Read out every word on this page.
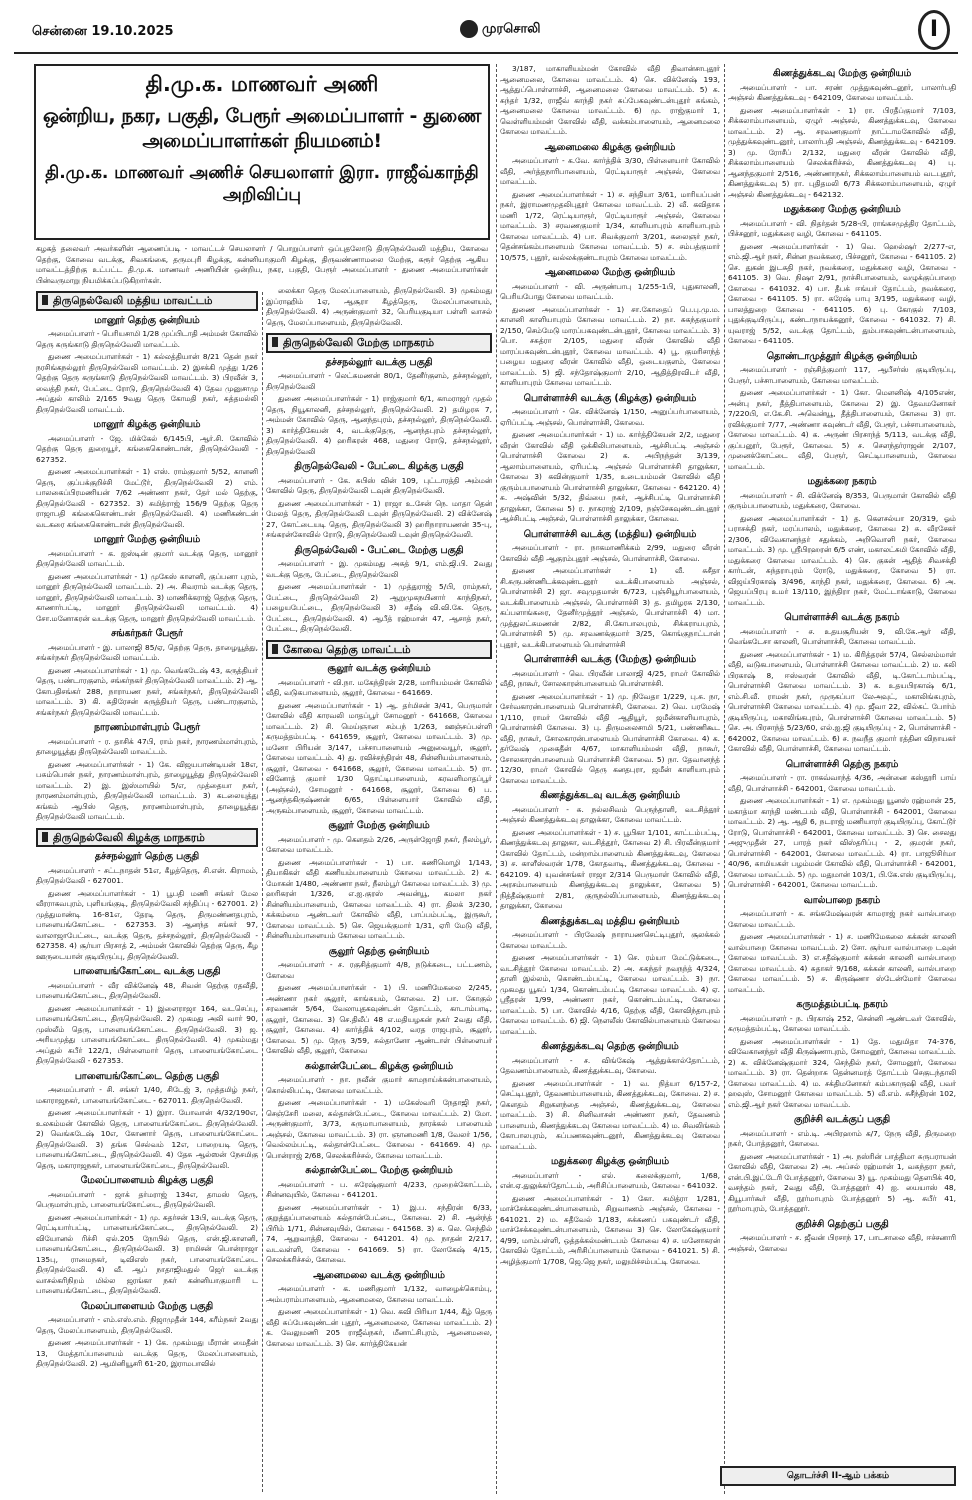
சென்னை 19.10.2025	முரசொலி	I
தி.மு.க. மாணவர் அணி
ஒன்றிய, நகர, பகுதி, பேரூர் அமைப்பாளர் - துணை அமைப்பாளர்கள் நியமனம்!
தி.மு.க. மாணவர் அணிச் செயலாளர் இரா. ராஜீவ்காந்தி அறிவிப்பு
கழகத் தலைவர் அவர்களின் ஆணைப்படி - மாவட்டச் செயலாளர் / பொறுப்பாளர் ஒப்புதலோடு திருநெல்வேலி மத்திய, கோவை தெற்கு, கோவை வடக்கு, சிவகங்கை, தருமபுரி கிழக்கு, கன்னியாகுமரி கிழக்கு, திருவண்ணாமலை மேற்கு, கரூர் தெற்கு ஆகிய மாவட்டத்திற்கு உட்பட்ட தி.மு.க. மாணவர் அணியின் ஒன்றிய, நகர, பகுதி, பேரூர் அமைப்பாளர் - துணை அமைப்பாளர்கள் பின்வருமாறு நியமிக்கப்படுகிறார்கள்.
திருநெல்வேலி மத்திய மாவட்டம்
மானூர் தெற்கு ஒன்றியம்

அமைப்பாளர் - பெரியசாமி 1/28 முப்பிடாதி அம்மன் கோவில் தெரு கருங்காடு திருநெல்வேலி மாவட்டம்.

துணை அமைப்பாளர்கள் - 1) கல்லத்தியான் 8/21 தென் நகர் நரசிங்கநல்லூர் திருநெல்வேலி மாவட்டம். 2) இசக்கி முத்து 1/26 தெற்கு தெரு கருங்காடு திருநெல்வேலி மாவட்டம். 3) பிரவீன் 3, வைத்தி நகர், பேட்டை ரோடு, திருநெல்வேலி 4) தேவ முனுசாமு அப்துல் காலிம் 2/165 9வது தெரு கோமதி நகர், சுத்தமல்லி திருநெல்வேலி மாவட்டம்.

மானூர் கிழக்கு ஒன்றியம்

அமைப்பாளர் - ஜே. மிக்கேல் 6/145பி, ஆர்.சி. கோவில் தெற்கு தெரு துறையூர், கங்கைகொண்டான், திருநெல்வேலி - 627352.

துணை அமைப்பாளர்கள் - 1) எஸ். ராம்குமார் 5/52, காளனி தெரு, குப்பக்குறிச்சி மேட்டூர், திருநெல்வேலி 2) எம். பாலகைப்பிரமணியன் 7/62 அண்ணா நகர், தேர் மல் தெற்கு, திருநெல்வேலி - 627352. 3) சுமித்ராஜ் 156/9 தெற்கு தெரு ராஜாபதி கங்கைகொண்டான் திருநெல்வேலி. 4) மணிகண்டன் வடகரை கங்கைகொண்டான் திருநெல்வேலி.

மானூர் மேற்கு ஒன்றியம்

அமைப்பாளர் - க. ஐஸ்டின் குமார் வடக்கு தெரு, மானூர் திருநெல்வேலி மாவட்டம்.

துணை அமைப்பாளர்கள் - 1) முகேஸ் காளனி, குப்பனா புரம், மானூர் திருநெல்வேலி மாவட்டம். 2) அ. சிவராம் வடக்கு தெரு, மானூர், திருநெல்வேலி மாவட்டம். 3) மாணிக்கராஜ் தெற்கு தெரு, காணார்பட்டி, மானூர் திருநெல்வேலி மாவட்டம். 4) சோ.மனோகரன் வடக்கு தெரு, மானூர் திருநெல்வேலி மாவட்டம்.

சங்கர்நகர் பேரூர்

அமைப்பாளர் - இ. பாலாஜி 85/ஏ, தெற்கு தெரு, தாழையூத்து, சங்கர்நகர் திருநெல்வேலி மாவட்டம்.

துணை அமைப்பாளர்கள் - 1) மு. வெங்கடேஷ் 43, கருத்தியர் தெரு, பண்டாரகுளம், சங்கர்நகர் திருநெல்வேலி மாவட்டம். 2) ஆ. கோபதிசங்கர் 288, நாராயண நகர், சங்கர்நகர், திருநெல்வேலி மாவட்டம். 3) கி. சுதிரேசன் கருத்தியர் தெரு, பண்டாரகுளம், சங்கர்நகர் திருநெல்வேலி மாவட்டம்.

நாரணம்மாள்புரம் பேரூர்

அமைப்பாளர் - ர. தாசிக் 47பி, ராம் நகர், நாரணம்மாள்புரம், தாழையூத்து திருநெல்வேலி மாவட்டம்.

துணை அமைப்பாளர்கள் - 1) கே. விஜயபாண்டியன் 18எ, பசும்பொன் நகர், நாரணம்மாள்புரம், தாழையூத்து திருநெல்வேலி மாவட்டம். 2) இ. இஸ்மாயில் 5/எ, முத்தையா நகர், நாரணம்மாள்புரம், திருநெல்வேலி மாவட்டம். 3) கடலையுத்து சுங்கம் ஆபிஸ் தெரு, நாரணம்மாள்புரம், தாழையூத்து திருநெல்வேலி மாவட்டம்.

திருநெல்வேலி கிழக்கு மாநகரம்
தச்சநல்லூர் தெற்கு பகுதி

அமைப்பாளர் - சட்டநாதன் 51எ, கீழத்தெரு, சி.என். கிராமம், திருநெல்வேலி - 627001.

துணை அமைப்பாளர்கள் - 1) பூபதி மணி சங்கர் மேல வீரராகவபுரம், புளியங்குடி, திருநெல்வேலி சந்திப்பு - 627001. 2) முத்துமாண்டி 16-81எ, தேரடி தெரு, திருமண்ணதபுரம், பாளையங்கோட்டை - 627353. 3) ஆனந்த சங்கர் 97, வாலாஜாபேட்டை, வடக்கு தெரு, தச்சநல்லூர், திருநெல்வேலி - 627358. 4) சூர்யா பிரசாத் 2, அம்மன் கோவில் தெற்கு தெரு, கீழ ஊருடையான் குடியிருப்பு, திருநெல்வேலி.

பாளையங்கோட்டை வடக்கு பகுதி

அமைப்பாளர் - வீர விக்னேஷ் 48, சிவன் தெற்கு ரதவீதி, பாளையங்கோட்டை, திருநெல்வேலி.

துணை அமைப்பாளர்கள் - 1) இளைராஜா 164, வடசெப்பு, பாளையங்கோட்டை, திருநெல்வேலி. 2) முகமது அலி வார் 90, முஸ்லீம் தெரு, பாளையங்கோட்டை திருநெல்வேலி. 3) ஜ. அரியமுத்து பாளையங்கோட்டை திருநெல்வேலி. 4) முகம்மது அப்துல் சுபீர் 122/1, பிள்ளைமார் தெரு, பாளையங்கோட்டை திருநெல்வேலி - 627353.

பாளையங்கோட்டை தெற்கு பகுதி

அமைப்பாளர் - சி. சங்கர் 1/40, சிடேஜ் 3, முத்தமிழ் நகர், மகாராஜநகர், பாளையங்கோட்டை - 627011. திருநெல்வேலி.

துணை அமைப்பாளர்கள் - 1) இரா. யோவான் 4/32/190எ, உலகம்மன் கோவில் தெரு, பாளையங்கோட்டை திருநெல்வேலி. 2) வெங்கடேஷ் 10எ, கோணார் தெரு, பாளையங்கோட்டை திருநெல்வேலி. 3) தங்க செல்வம் 12எ, பாறையடி தெரு, பாளையங்கோட்டை, திருநெல்வேலி. 4) தேசு ஆல்ஸன் நேசமிகு தெரு, மகாராஜநகர், பாளையங்கோட்டை, திருநெல்வேலி.

மேலப்பாளையம் கிழக்கு பகுதி

அமைப்பாளர் - ஜாக் தர்மராஜ் 134எ, தாமஸ் தெரு, பெருமாள்புரம், பாளையங்கோட்டை, திருநெல்வேலி.

துணை அமைப்பாளர்கள் - 1) மு. சுதர்சன் 13பி, வடக்கு தெரு, ரெட்டியார்பட்டி, பாளையங்கோட்டை, திருநெல்வேலி. 2) வியோனல் ரிச்சி ஏல்.205 நோபில் தெரு, என்.ஜி.காளனி, பாளையங்கோட்டை, திருநெல்வேலி. 3) ராமிசன் பொன்ராஜா 135பு, ராமைநகர், டிவிஎஸ் நகர், பாளையங்கோட்டை திருநெல்வேலி. 4) வீ. ஆப் நாதாஜிமதுல் ஜெர் வடக்கு வாசல்கரிநிறம் மில்ல ஜரங்கா நகர் கன்னியாகுமாரி ட பாளையங்கோட்டை, திருநெல்வேலி.

மேலப்பாளையம் மேற்கு பகுதி

அமைப்பாளர் - எம்.எஸ்.எம். நிஜாமுதீன் 144, கரீம்நகர் 2வது தெரு, மேலப்பாளையம், திருநெல்வேலி.

துணை அமைப்பாளர்கள் - 1) கே. முகம்மது மீரான் மைதீன் 13, மேத்தாப்பாளையம் வடக்கு தெரு, மேலப்பாளையம், திருநெல்வேலி. 2) ஆமினியூசரி 61-20, இராமபாவில்

லைக்கா தெரு மேலப்பாளையம், திருநெல்வேலி. 3) முகம்மது இப்ராஹிம் 1ஏ, ஆசூரா கீழத்தெரு, மேலப்பாளையம், திருநெல்வேலி. 4) அருண்குமார் 32, பெரியகுடியா பள்ளி வாசல் தெரு, மேலப்பாளையம், திருநெல்வேலி.

திருநெல்வேலி மேற்கு மாநகரம்
தச்சநல்லூர் வடக்கு பகுதி

அமைப்பாளர் - லெட்சுமணன் 80/1, தேனீர்குளம், தச்சநல்லூர், திருநெல்வேலி

துணை அமைப்பாளர்கள் - 1) ராஜ்குமார் 6/1, காமராஜர் முதல் தெரு, நியூகாலனி, தச்சநல்லூர், திருநெல்வேலி. 2) தமிழரசு 7, அம்மன் கோவில் தெரு, ஆனந்தபுரம், தச்சநல்லூர், திருநெல்வேலி. 3) கார்த்திகேயன் 4, வடக்குதெரு, ஆனந்தபுரம் தச்சநல்லூர், திருநெல்வேலி. 4) ஹரிகரன் 468, மதுரை ரோடு, தச்சநல்லூர், திருநெல்வேலி

திருநெல்வேலி - பேட்டை கிழக்கு பகுதி

அமைப்பாளர் - கே. சுபிஸ் வின் 109, புட்டாரத்தி அம்மன் கோவில் தெரு, திருநெல்வேலி டவுன் திருநெல்வேலி.

துணை அமைப்பாளர்கள் - 1) ராஜா உ.சேன் நெ. மாதா தென் மேலத் தெரு, திருநெல்வேலி டவுன் திருநெல்வேலி. 2) விக்னேஷ் 27, கோட்டையடி தெரு, திருநெல்வேலி 3) ஹரிநாராயணன் 35-பு, சங்கரன்கோவில் ரோடு, திருநெல்வேலி டவுன் திருநெல்வேலி.

திருநெல்வேலி - பேட்டை மேற்கு பகுதி

அமைப்பாளர் - இ. முகம்மது அசுத் 9/1, எம்.ஜி.பி. 2வது வடக்கு தெரு, பேட்டை, திருநெல்வேலி

துணை அமைப்பாளர்கள் - 1) முத்துராஜ் 5/பி, ராம்நகர், பேட்டை, திருநெல்வேலி 2) ஆறுமுகநயினார் காந்திநகர், பழையபேட்டை, திருநெல்வேலி 3) சதீஷ் வி.வி.கே. தெரு, பேட்டை, திருநெல்வேலி. 4) ஆபீத் ரஹ்மான் 47, ஆசாத் நகர், பேட்டை, திருநெல்வேலி.

கோவை தெற்கு மாவட்டம்
சூலூர் வடக்கு ஒன்றியம்

அமைப்பாளர் - வி.நா. மகேந்திரன் 2/28, மாரியம்மன் கோவில் வீதி, வடுகபாளையம், சூலூர், கோவை - 641669.

துணை அமைப்பாளர்கள் - 1) ஆ. தர்மிசன் 3/41, பெருமாள் கோவில் வீதி காரவலி மாதப்பூர் சோமனூர் - 641668, கோவை மாவட்டம். 2) சி. மெய்ஞான சம்பந் 1/263, ஊஞ்சப்பள்ளி கருமத்தம்பட்டி - 641659, சூலூர், கோவை மாவட்டம். 3) மு. மனோ பிரியன் 3/147, பச்சாபாளையம் அனுவையூர், சூலூர், கோவை மாவட்டம். 4) து. ரவிச்சந்திரன் 48, சின்னியம்பாளையம், சூலூர், கோவை - 641668, சூலூர், கோவை மாவட்டம். 5) ரா. வினோத் குமார் 1/30 தொட்டிபாளையம், கரவளிமாதப்பூர் (அஞ்சல்), சோமனூர் - 641668, சூலூர், கோவை 6) ப. ஆனந்தகிருஷ்ணன் 6/65, பிள்ளையார் கோவில் வீதி, அருகம்பாளையம், சூலூர், கோவை மாவட்டம்.

சூலூர் மேற்கு ஒன்றியம்

அமைப்பாளர் - மு. கௌதம் 2/26, அருள்ஜோதி நகர், நீலம்பூர், கோவை மாவட்டம்.

துணை அமைப்பாளர்கள் - 1) பா. கணிமொழி 1/143, தியாகிகள் வீதி கணியம்பாளையம் கோவை மாவட்டம். 2) க. மோகன் 1/480, அண்ணா நகர், நீலம்பூர் கோவை மாவட்டம். 3) மு. ஹரிகரன் 1/326, எ.ஐ.குரஸ் அவன்யூ, கமலா நகர் சின்னியம்பாளையம், கோவை மாவட்டம். 4) ரா. திலக் 3/230, கக்கம்மை ஆண்டவர் கோவில் வீதி, பாப்பம்பட்டி, இருகூர், கோவை மாவட்டம். 5) செ. ஜெயக்குமார் 1/31, ஏரி மேடு வீதி, சின்னியம்பாளையம் கோவை மாவட்டம்.

சூலூர் தெற்கு ஒன்றியம்

அமைப்பாளர் - ச. ரகுசித்குமார் 4/8, நடுக்கடை, பட்டணம், கோவை

துணை அமைப்பாளர்கள் - 1) பி. மணிமேகலை 2/245, அண்ணா நகர் சூலூர், காங்கயம், கோவை. 2) பா. கோகுல் சரவணன் 5/64, வேலாயுதகவுண்டன் தோட்டம், காடாம்பாடி, சூலூர், கோவை. 3) செ.திலீப் 48 எ.மதியழகன் நகர் 2வது வீதி, சூலூர், கோவை. 4) கார்த்திக் 4/102, வரத ராஜபுரம், சூலூர், கோவை. 5) மு. நேரு 3/59, சுல்தானோ ஆண்டாள் பிள்ளையர் கோவில் வீதி, சூலூர், கோவை

சுல்தான்பேட்டை கிழக்கு ஒன்றியம்

அமைப்பாளர் - நா. நவீன் குமார் காமநாய்க்கன்பாளையம், கொல்லிபட்டி, கோவை மாவட்டம்.

துணை அமைப்பாளர்கள் - 1) மகேஸ்வரி நேதாஜி நகர், செஞ்சேரி மலை, சுல்தான்பேட்டை, கோவை மாவட்டம். 2) மோ. அருண்குமார், 3/73, கருமாபாளையம், நாரக்கல் பாளையம் அஞ்சல், கோவை மாவட்டம். 3) ரா. ஞானமணி 1/8, வேலர் 1/56, வெல்லம்பட்டி, சுல்தான்பேட்டை கோவை - 641669. 4) மு. பொன்ராஜ் 2/68, செலக்கரிச்சல், கோவை மாவட்டம்.

சுல்தான்பேட்டை மேற்கு ஒன்றியம்

அமைப்பாளர் - ப. சுரேஷ்குமார் 4/233, முறைக்கோட்டம், சின்னவுயில், கோவை - 641201.

துணை அமைப்பாளர்கள் - 1) இ.ப. சந்திரன் 6/33, குறுத்துப்பாளையம் சுல்தான்பேட்டை, கோவை. 2) சி. ஆன்ந்த் பிரிம் 1/71, சின்னவுயில், கோவை - 641568. 3) சு. லெ. செந்தில் 74, ஆறுவாத்தி, கோவை - 641201. 4) மு. நாதன் 2/217, வடவள்ளி, கோவை - 641669. 5) ரா. லோகேஷ் 4/15, செலக்கரிச்சல், கோவை.

ஆனைமலை வடக்கு ஒன்றியம்

அமைப்பாளர் - க. மணிகுமார் 1/132, வாழைக்கொம்பு, அம்பராம்பாளையம், ஆனைமலை, கோவை மாவட்டம்.

துணை அமைப்பாளர்கள் - 1) வெ. கவி பிரியா 1/44, கீழ் தெரு வீதி சுப்பேகவுண்டன் புதூர், ஆனைமலை, கோவை மாவட்டம். 2) க. வேலுமணி 205 ராஜீவ்நகர், மீனாட்சிபுரம், ஆனைமலை, கோவை மாவட்டம். 3) செ. கார்த்திகேயன்

3/187, மாகாளியம்மன் கோவில் வீதி திவான்சாபுதூர் ஆனைமலை, கோவை மாவட்டம். 4) செ. விக்னேஷ் 193, ஆத்துப்பொள்ளாச்சி, ஆனைமலை கோவை மாவட்டம். 5) சு. சுந்தர் 1/32, ராஜீவ் காந்தி நகர் சுப்பேகவுண்டன்புதூர் சுங்கம், ஆனைமலை கோவை மாவட்டம். 6) மு. ராஜ்குமார் 1, வெள்ளியம்மன் கோவில் வீதி, வக்கம்பாளையம், ஆனைமலை கோவை மாவட்டம்.

ஆனைமலை கிழக்கு ஒன்றியம்

அமைப்பாளர் - க.வே. கார்த்திக் 3/30, பிள்ளையார் கோவில் வீதி, அர்த்தநாரிபாளையம், ரெட்டியாரூர் அஞ்சல், கோவை மாவட்டம்.

துணை அமைப்பாளர்கள் - 1) ச. சந்தியா 3/61, மாரியப்பன் நகர், இராமணமுதலிபுதூர் கோவை மாவட்டம். 2) வீ. கவிதாசு மணி 1/72, ரெட்டியாரூர், ரெட்டியாரூர் அஞ்சல், கோவை மாவட்டம். 3) சரவணகுமார் 1/34, காளியாபுரம் காளியாபுரம் கோவை மாவட்டம். 4) பா. சிவக்குமார் 3/201, கலைஞர் நகர், தென்சங்கம்பாளையம் கோவை மாவட்டம். 5) ச. சம்பத்குமார் 10/575, புதூர், வல்லக்குண்டாபுரம் கோவை மாவட்டம்.

ஆனைமலை மேற்கு ஒன்றியம்

அமைப்பாளர் - வி. அருண்பாபு 1/255-1பி, புதுகாலனி, பெரியபோது கோவை மாவட்டம்.

துணை அமைப்பாளர்கள் - 1) சா.கோதைப் பெ.பு.மு.ம. காளனி காளியாபுரம் கோவை மாவட்டம். 2) நா. சுகந்தகுமார் 2/150, செம்மேடு மாரப்பகவுண்டன்புதூர், கோவை மாவட்டம். 3) பொ. சசுத்ரா 2/105, மதுரை வீரன் கோவில் வீதி மாரப்பகவுண்டன்புதூர், கோவை மாவட்டம். 4) பூ. குமரிசாந்த் பழைய மதுரை வீரன் கோவில் வீதி, ஒடையகுளம், கோவை மாவட்டம். 5) ஜி. சந்தோஷ்குமார் 2/10, ஆதித்திரவிடர் வீதி, காளியாபுரம் கோவை மாவட்டம்.

பொள்ளாச்சி வடக்கு (கிழக்கு) ஒன்றியம்

அமைப்பாளர் - செ. விக்னேஷ் 1/150, அனுப்பர்பாளையம், ஏரிப்பட்டி அஞ்சல், பொள்ளாச்சி, கோவை.

துணை அமைப்பாளர்கள் - 1) ம. கார்த்திகேயன் 2/2, மதுரை வீரன் கோவில் வீதி ஒக்கிலிபாளையம், ஆச்சிபட்டி அஞ்சல் பொள்ளாச்சி கோவை 2) க. அபிநந்தன் 3/139, ஆலாம்பாளையம், ஏரிபட்டி அஞ்சல் பொள்ளாச்சி தாலுக்கா, கோவை 3) கவின்குமார் 1/35, உடையம்மன் கோவில் வீதி குரும்பபாளையம் பொள்ளாச்சி தாலுக்கா, கோவை - 642120. 4) சு. அஷ்வின் 5/32, திவ்யை நகர், ஆச்சிபட்டி பொள்ளாச்சி தாலுக்கா, கோவை 5) ர. நாகராஜ் 2/109, நஞ்சேகவுண்டன்புதூர் ஆச்சிபட்டி அஞ்சல், பொள்ளாச்சி தாலுக்கா, கோவை.

பொள்ளாச்சி வடக்கு (மத்திய) ஒன்றியம்

அமைப்பாளர் - ரா. நாகமாணிக்கம் 2/99, மதுரை வீரன் கோவில் வீதி ஆகுரம்புதூர் அஞ்சல், பொள்ளாச்சி, கோவை.

துணை அமைப்பாளர்கள் - 1) வீ. சுசீதா சி.சுருபண்ணிடக்கவுண்டனூர் வடக்கிபாளையம் அஞ்சல், பொள்ளாச்சி 2) ஜா. சவுமுதமான் 6/723, புஞ்சியூர்பாளையம், வடக்கிபாளையம் அஞ்சல், பொள்ளாச்சி 3) த. தமிழரசு 2/130, கப்பளாங்கரை, தேனீர்முத்தூர் அஞ்சல், பொள்ளாச்சி 4) மா. முத்துலட்சுமணன் 2/82, சி.கோபாலபுரம், சிக்கராயபுரம், பொள்ளாச்சி 5) மு. சரவணக்குமார் 3/25, கொங்குநாட்டான் புதூர், வடக்கிபாளையம் பொள்ளாச்சி

பொள்ளாச்சி வடக்கு (மேற்கு) ஒன்றியம்

அமைப்பாளர் - வெ. பிரவீன் பாலாஜி 4/25, ராமர் கோவில் வீதி, நாகூர், சோலகாரன்பாளையம் பொள்ளாச்சி.

துணை அமைப்பாளர்கள் - 1) மு. நிவேதா 1/229, பு.சு. நா, சேர்வகாரன்பாளையம் பொள்ளாச்சி, கோவை. 2) வெ. பரமேஷ் 1/110, ராமர் கோவில் வீதி ஆதியூர், ஜமீன்காளியாபுரம், பொள்ளாச்சி கோவை. 3) பு. திருமலைசாமி 5/21, பண்ணிகூட வீதி, நாகூர், சோலகாரன்பாளையம் பொள்ளாச்சி கோவை. 4) க. தர்வேஷ் முகைதீன் 4/67, மாகாளியம்மன் வீதி, நாகூர், சோலகாரன்பாளையம் பொள்ளாச்சி கோவை. 5) நா. தேவானந்த் 12/30, ராமர் கோவில் தெரு கனதபுரா, ஜமீன் காளியாபுரம் கோவை மாவட்டம்.

கிணத்துக்கடவு வடக்கு ஒன்றியம்

அமைப்பாளர் - சு. நல்லசிவம் பெருந்தாளி, வடசித்தூர் அஞ்சல் கிணத்துக்கடவு தாலுக்கா, கோவை மாவட்டம்.

துணை அமைப்பாளர்கள் - 1) ச. பூபிகா 1/101, காட்டம்பட்டி, கிணத்துக்கடவு தாலுகா, வடசித்தூர், கோவை 2) சி. பிரவீன்குமார் கோவில் தோட்டம், மன்றாம்பாளையம் கிணத்துக்கடவு, கோவை 3) ச. காளீஸ்வரன் 1/78, கோதவாடி, கிணத்துக்கடவு, கோவை - 642109. 4) யுவன்சங்கர் ராஜா 2/314 பெருமாள் கோவில் வீதி, அரசம்பாளையம் கிணத்துக்கடவு தாலுக்கா, கோவை 5) நித்தீஷ்குமார் 2/81, குருநல்லிப்பாளையம், கிணத்துக்கடவு தாலுக்கா, கோவை

கிணத்துக்கடவு மத்திய ஒன்றியம்

அமைப்பாளர் - பிரவேஷ் நாராயணசெட்டிபுதூர், சூலக்கல் கோவை மாவட்டம்.

துணை அமைப்பாளர்கள் - 1) செ. ரம்யா மேட்டுக்கடை, வடசித்தூர் கோவை மாவட்டம். 2) அ. சுகந்தர் நவநந்த் 4/324, தாளி இல்லம், கொண்டம்பட்டி, கோவை மாவட்டம். 3) நா. முகமது யூசுப் 1/34, கொண்டம்பட்டி கோவை மாவட்டம். 4) ஏ. ஸ்ரீதரன் 1/99, அண்ணா நகர், கொண்டம்பட்டி, கோவை மாவட்டம். 5) பா. கோவில் 4/16, தெற்கு வீதி, கோவிந்தாபுரம் கோவை மாவட்டம். 6) ஜி. நெளலீஸ் கோவில்பாளையம் கோவை மாவட்டம்.

கிணத்துக்கடவு தெற்கு ஒன்றியம்

அமைப்பாளர் - ச. விங்கேஷ் ஆத்துக்கால்தோட்டம், தேவணம்பாளையம், கிணத்துக்கடவு, கோவை.

துணை அமைப்பாளர்கள் - 1) வ. நித்யா 6/157-2, செட்டிபுதூர், தேவணம்பாளையம், கிணத்துக்கடவு, கோவை. 2) ச. கெளதம் சிறுகளந்தை அஞ்சல், கிணத்துக்கடவு, கோவை மாவட்டம். 3) சி. சினிவாசன் அண்ணா நகர், தேவணம் பாளையம், கிணத்துக்கடவு கோவை மாவட்டம். 4) ம. சிவலிங்கம் கோபாலபுரம், சுப்பணகவுண்டனூர், கிணத்துக்கடவு கோவை மாவட்டம்.

மதுக்கரை கிழக்கு ஒன்றியம்

அமைப்பாளர் - எல். கலைக்குமார், 1/68, என்.ஏ.துலுக்கர்தோட்டம், அரிசிப்பாளையம், கோவை - 641032.

துணை அமைப்பாளர்கள் - 1) கோ. சுமித்ரா 1/281, மாச்சேக்கவுண்டன்பாளையம், சிறுவாணம் அஞ்சல், கோவை - 641021. 2) ம. சுதீவேல் 1/183, சுக்கணப் பகவுண்டர் வீதி, மாச்சேக்கவுண்டன்பாளையம், கோவை 3) செ. லோகேஷ்குமார் 4/99, மாம்பள்ளி, ஒத்தக்கல்மண்டபம் கோவை 4) ச. மனோகரன் கோவில் தோட்டம், அரிசிப்பாளையம் கோவை - 641021. 5) சி. அழித்குமார் 1/708, ஜெ.ஜெ நகர், மலுமிச்சம்பட்டி கோவை.

கிணத்துக்கடவு மேற்கு ஒன்றியம்

அமைப்பாளர் - பா. சரண் முத்துகவுண்டனூர், பாலார்பதி அஞ்சல் கிணத்துக்கடவு - 642109, கோவை மாவட்டம்.

துணை அமைப்பாளர்கள் - 1) ரா. பிரதீப்குமார் 7/103, சிக்கலாம்பாளையம், ஏழுர் அஞ்சல், கிணத்துக்கடவு, கோவை மாவட்டம். 2) ஆ. சரவணகுமார் நாட்டாமகோவில் வீதி, முத்துக்கவுண்டனூர், பாலார்பதி அஞ்சல், கிணத்துக்கடவு - 642109. 3) மு. ரோசீப் 2/132, மதுரை வீரன் கோவில் வீதி, சிக்கலாம்பாளையம் செலக்கரிச்சல், கிணத்துக்கடவு 4) பு. ஆனந்தகுமார் 2/516, அண்ணாநகர், சிக்கலாம்பாளையம் வடபுதூர், கிணத்துக்கடவு 5) ரா. புதிதமலி 6/73 சிக்கலாம்பாளையம், ஏழுர் அஞ்சல் கிணத்துக்கடவு - 642132.

மதுக்கரை மேற்கு ஒன்றியம்

அமைப்பாளர் - வி. நிதர்தன் 5/28-பி, ராங்கசமுத்திர தோட்டம், பிச்சனூர், மதுக்கரை வழி, கோவை - 641105.

துணை அமைப்பாளர்கள் - 1) வெ. ஹெல்ஷர் 2/277-எ, எம்.ஜி.ஆர் நகர், சின்ன நவக்கரை, பிச்சனூர், கோவை - 641105. 2) செ. துகன் இடசுதி நகர், நவக்கரை, மதுக்கரை வழி, கோவை - 641105. 3) வெ. நிஷா 2/91, நாச்சிபாளையம், வழுக்குப்பாறை கோவை - 641032. 4) பா. தீபக் ஈங்யர் தோட்டம், நவக்கரை, கோவை - 641105. 5) ரா. சுரேஷ் பாபு 3/195, மதுக்கரை வழி, பாலத்துறை கோவை - 641105. 6) பு. கோகுல் 7/103, புதுக்குடியிருப்பு, கண்டாநாயக்கனூர், கோவை - 641032. 7) சி. யுவராஜ் 5/52, வடக்கு தோட்டம், தும்பாகவுண்டன்பாளையம், கோவை - 641105.

தொண்டாமுத்தூர் கிழக்கு ஒன்றியம்

அமைப்பாளர் - ரஞ்சித்குமார் 117, ஆபீசர்ஸ் குடியிருப்பு, பேரூர், பச்சாபாளையம், கோவை மாவட்டம்.

துணை அமைப்பாளர்கள் - 1) கோ. மௌனிஷ் 4/105எண், அன்பு நகர், தீத்திபாளையம், கோவை 2) இ. தேவமனோகர் 7/220பி, எ.கே.சி. அவென்யூ, தீத்திபாளையம், கோவை 3) ரா. ரவிக்குமார் 7/77, அண்ணா சுவுண்டர் வீதி, பேரூர், பச்சாபாளையம், கோவை மாவட்டம். 4) க. அருண் பிரசாந்த் 5/113, வடக்கு வீதி, குப்பனூர், பேரூர், கோவை. 5) ச. சௌந்தர்ராஜன் 2/107, முனைக்கோட்டை வீதி, பேரூர், செட்டிபாளையம், கோவை மாவட்டம்.

மதுக்கரை நகரம்

அமைப்பாளர் - சி. விக்னேஷ் 8/353, பெருமாள் கோவில் வீதி குரும்பபாளையம், மதுக்கரை, கோவை.

துணை அமைப்பாளர்கள் - 1) த. கௌசல்யா 20/319, ஓம் பராசக்தி நகர், மரப்பாலம், மதுக்கரை, கோவை 2) சு. வீரசேகர் 2/306, விவேகானந்தர் சதுக்கம், அறிவொளி நகர், கோவை மாவட்டம். 3) மு. ஸ்ரீபிரஹரன் 6/5 எண், மகாலட்சுமி கோவில் வீதி, மதுக்கரை கோவை மாவட்டம். 4) செ. குகன் ஆதித் சிவசக்தி கார்டன், சுந்தராபுரம் ரோடு, மதுக்கரை, கோவை 5) ரா. விஜய்பிரகாஷ் 3/496, காந்தி நகர், மதுக்கரை, கோவை. 6) அ. ஜெயப்பிரபு உமர் 13/110, இந்திரா நகர், மேட்டாங்காடு, கோவை மாவட்டம்.

பொள்ளாச்சி வடக்கு நகரம்

அமைப்பாளர் - ச. உதயசூரியன் 9, வி.கே.ஆர் வீதி, வெங்கடேசா காலனி, பொள்ளாச்சி, கோவை மாவட்டம்.

துணை அமைப்பாளர்கள் - 1) ம. கிரித்தரன் 57/4, செல்லம்மாள் வீதி, வடுகபாளையம், பொள்ளாச்சி கோவை மாவட்டம். 2) ம. கலி பிரகாஷ் 8, ஈஸ்வரன் கோவில் வீதி, டி.கோட்டாம்பட்டி, பொள்ளாச்சி கோவை மாவட்டம். 3) க. உதயபிரகாஷ் 6/1, எம்.சி.வீ. ராமன் நகர், முருகப்பா லேஅவுட், மகாலிங்கபுரம், பொள்ளாச்சி கோவை மாவட்டம். 4) மு. ஜீவா 22, வில்சுட் போர்ம் குடியிருப்பு, மகாலிங்கபுரம், பொள்ளாச்சி கோவை மாவட்டம். 5) செ. அ. பிரசாந்த் 5/23/60, எல்.ஐ.ஜி குடியிருப்பு - 2, பொள்ளாச்சி - 642002, கோவை மாவட்டம். 6) ச. நவநீத குமார் ரத்தின விநாயகர் கோவில் வீதி, பொள்ளாச்சி, கோவை மாவட்டம்.

பொள்ளாச்சி தெற்கு நகரம்

அமைப்பாளர் - ரா. ராகவ்வாந்த் 4/36, அன்னை கஸ்தூரி பாய் வீதி, பொள்ளாச்சி - 642001, கோவை மாவட்டம்.

துணை அமைப்பாளர்கள் - 1) எ. முகம்மது யூனஸ் ரஹ்மான் 25, மகாத்மா காந்தி மண்டபம் வீதி, பொள்ளாச்சி - 642001, கோவை மாவட்டம். 2) ஆ. ஆதி 6, நடராஜ் மணியாரர் குடியிருப்பு, கோட்டூர் ரோடு, பொள்ளாச்சி - 642001, கோவை மாவட்டம். 3) செ. சைலது அஜுமுதீன் 27, பாரத் நகர் விஸ்தரிப்பு - 2, குமரன் நகர், பொள்ளாச்சி - 642001, கோவை மாவட்டம். 4) ரா. பாஜூசிர்மா 40/96, காமியகள் பழம்மன் கோவில் வீதி, பொள்ளாச்சி - 642001, கோவை மாவட்டம். 5) மு. மதுமான் 103/1, பி.கே.எஸ் குடியிருப்பு, பொள்ளாச்சி - 642001, கோவை மாவட்டம்.

வால்பாறை நகரம்

அமைப்பாளர் - க. சங்கமேஷ்வரன் காமராஜ் நகர் வால்பாறை கோவை மாவட்டம்.

துணை அமைப்பாளர்கள் - 1) ச. மணிமேகலை கக்கன் காலனி வால்பாறை கோவை மாவட்டம். 2) சோ. சூர்யா வால்பாறை டவுன் கோவை மாவட்டம். 3) எ.சதீஷ்குமார் கக்கன் காலனி வால்பாறை கோவை மாவட்டம். 4) சுதாகர் 9/168, கக்கன் காலனி, வால்பாறை கோவை மாவட்டம். 5) ச. கிருஷ்ணா ஸ்டேன்மோர் கோவை மாவட்டம்.

கருமத்தம்பட்டி நகரம்

அமைப்பாளர் - ந. பிரகாஷ் 252, சென்னி ஆண்டவர் கோவில், கருமத்தம்பட்டி, கோவை மாவட்டம்.

துணை அமைப்பாளர்கள் - 1) தே. மதுமிதா 74-376, விவேகானந்தர் வீதி கிருஷ்ணாபுரம், சோமனூர், கோவை மாவட்டம். 2) க. விக்னேஷ்குமார் 324, செந்தில் நகர், சோமனூர், கோவை மாவட்டம். 3) ரா. தென்றாசு தென்னமரத் தோட்டம் செகுடந்தாலி கோவை மாவட்டம். 4) ம. சக்திமனோகர் கம்பகாருஷி வீதி, பவர் ஹவுஸ், சோமனூர் கோவை மாவட்டம். 5) வீ.எம். சுசீந்திரன் 102, எம்.ஜி.ஆர் நகர் கோவை மாவட்டம்.

குறிச்சி வடக்குப் பகுதி

அமைப்பாளர் - எம்.டி. அபிரஹாம் க/7, நேரு வீதி, திருமறை நகர், போத்தனூர், கோவை.

துணை அமைப்பாளர்கள் - 1) அ. நஸ்ரின் பாத்திமா சுருபராயன் கோவில் வீதி, கோவை 2) அ. அப்சல் ரஹ்மான் 1, வசுந்தரா நகர், என்.பி.இட்டேரி போத்தனூர், கோவை 3) யூ. முகம்மது தௌபிக் 40, வசந்தம் நகர், 2வது வீதி, போத்தனூர் 4) ஐ. யையாஸ் 48, கியூபார்கூர் வீதி, நூர்மாபுரம் போத்தனூர் 5) ஆ. சுபீர் 41, நூர்மாபுரம், போத்தனூர்.

குறிச்சி தெற்குப் பகுதி

அமைப்பாளர் - ச. ஜீவன் பிரசாந் 17, பாடசாலை வீதி, ஈச்சனாரி அஞ்சல், கோவை

தொடர்ச்சி II-ஆம் பக்கம்
